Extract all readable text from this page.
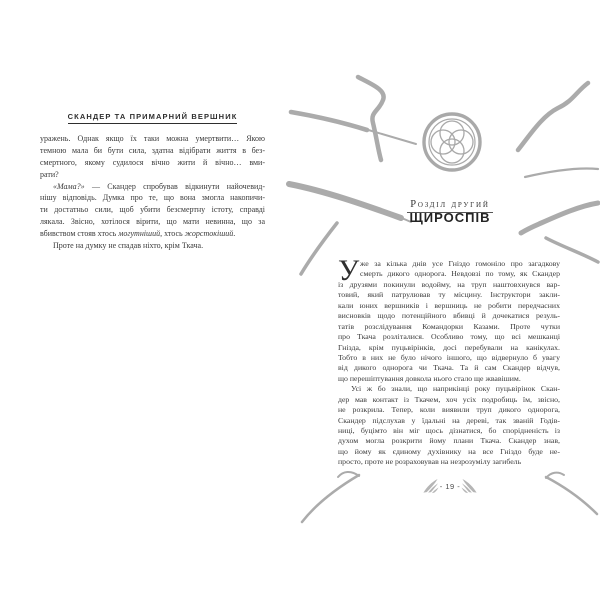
СКАНДЕР ТА ПРИМАРНИЙ ВЕРШНИК
уражень. Однак якщо їх таки можна умертвити… Якою
темною мала би бути сила, здатна відібрати життя в без-
смертного, якому судилося вічно жити й вічно… вми-
рати?
«Мама?» — Скандер спробував відкинути найочевид-
нішу відповідь. Думка про те, що вона змогла накопичи-
ти достатньо сили, щоб убити безсмертну істоту, справді
лякала. Звісно, хотілося вірити, що мати невинна, що за
вбивством стояв хтось могутніший, хтось жорстокіший.
Проте на думку не спадав ніхто, крім Ткача.
Розділ другий
ЩИРОСПІВ
У же за кілька днів усе Гніздо гомоніло про загадкову
смерть дикого однорога. Невдовзі по тому, як Скандер
із друзями покинули водойму, на труп наштовхнувся вар-
товий, який патрулював ту місцину. Інструктори закли-
кали юних вершників і вершниць не робити передчасних
висновків щодо потенційного вбивці й дочекатися резуль-
татів розслідування Командорки Казами. Проте чутки
про Ткача розліталися. Особливо тому, що всі мешканці
Гнізда, крім пуцьвірінків, досі перебували на канікулах.
Тобто в них не було нічого іншого, що відвернуло б увагу
від дикого однорога чи Ткача. Та й сам Скандер відчув,
що перешіптування довкола нього стало ще жвавішим.
Усі ж бо знали, що наприкінці року пуцьвірінок Скан-
дер мав контакт із Ткачем, хоч усіх подробиць їм, звісно,
не розкрила. Тепер, коли виявили труп дикого однорога,
Скандер підслухав у їдальні на дереві, так званій Годів-
ниці, буцімто він міг щось дізнатися, бо спорідненість із
духом могла розкрити йому плани Ткача. Скандер знав,
що йому як єдиному духівнику на все Гніздо буде не-
просто, проте не розраховував на незрозумілу загибель
- 19 -
